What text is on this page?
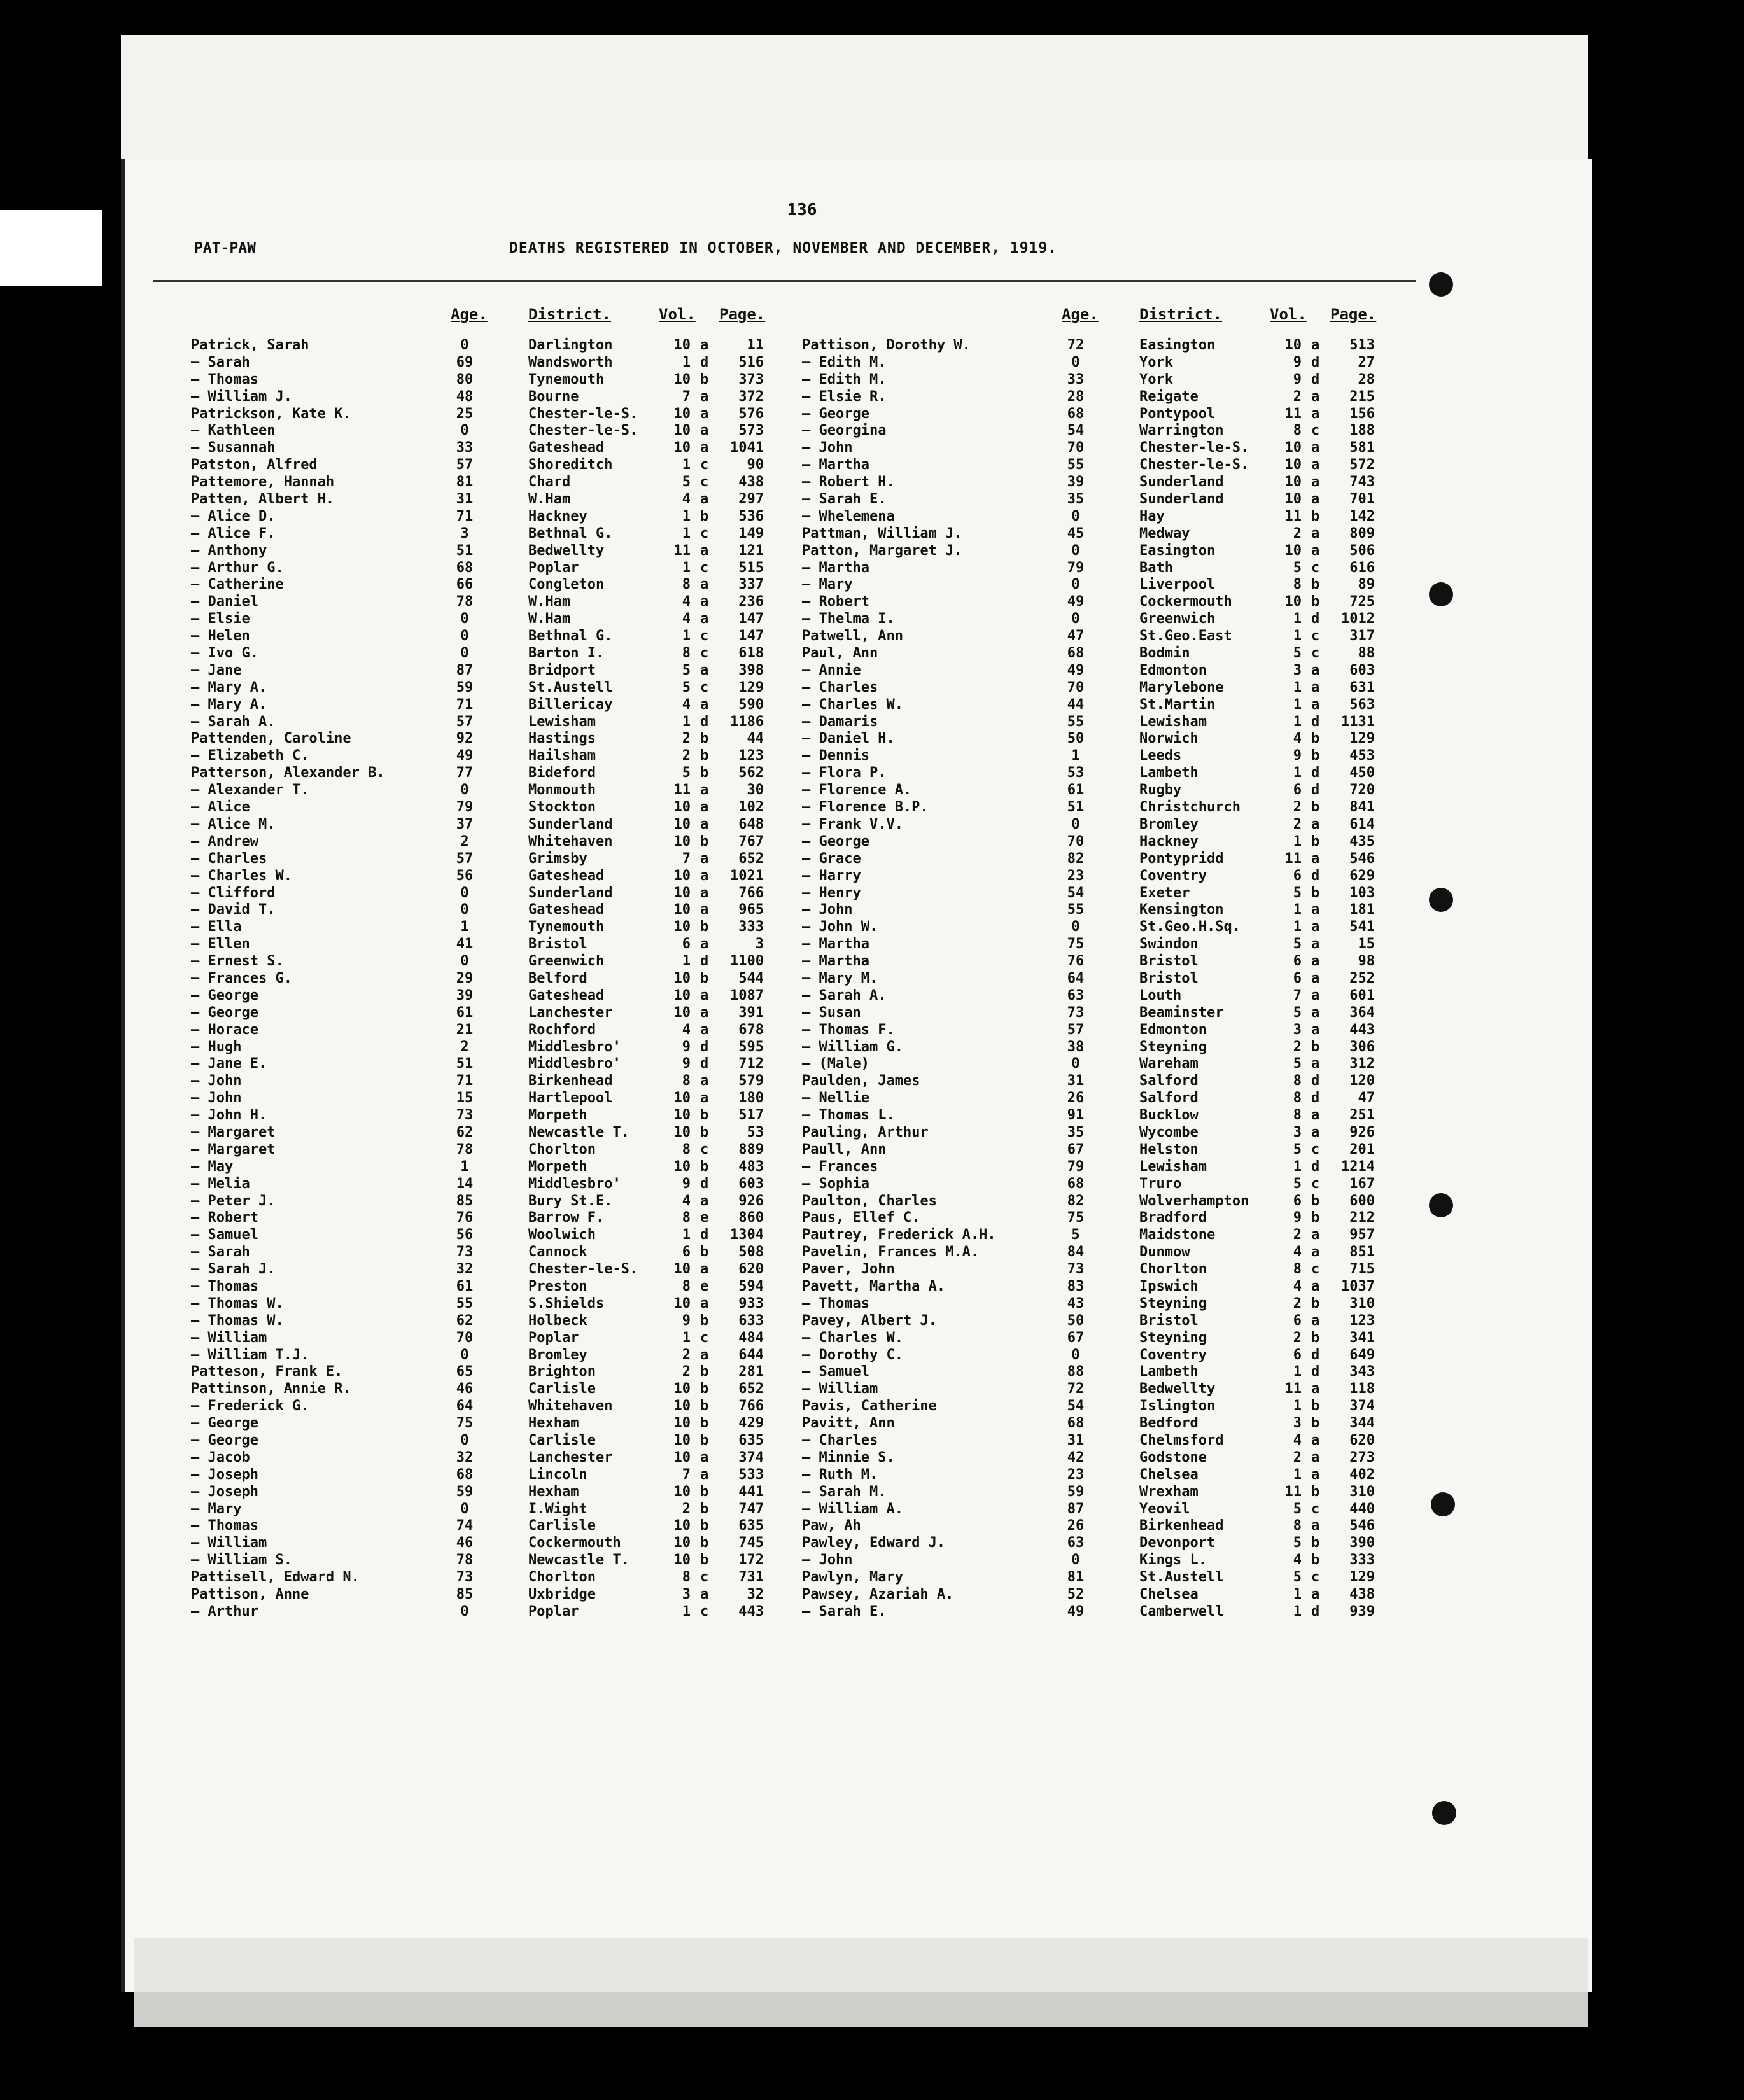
136
PAT-PAW	DEATHS REGISTERED IN OCTOBER, NOVEMBER AND DECEMBER, 1919.
Age.	District.	Vol. Page.
Patrick, Sarah	0	Darlington	10 a	11
— Sarah	69	Wandsworth	1 d	516
— Thomas	80	Tynemouth	10 b	373
— William J.	48	Bourne	7 a	372
Patrickson, Kate K.	25	Chester-le-S.	10 a	576
— Kathleen	0	Chester-le-S.	10 a	573
— Susannah	33	Gateshead	10 a	1041
Patston, Alfred	57	Shoreditch	1 c	90
Pattemore, Hannah	81	Chard	5 c	438
Patten, Albert H.	31	W.Ham	4 a	297
— Alice D.	71	Hackney	1 b	536
— Alice F.	3	Bethnal G.	1 c	149
— Anthony	51	Bedwellty	11 a	121
— Arthur G.	68	Poplar	1 c	515
— Catherine	66	Congleton	8 a	337
— Daniel	78	W.Ham	4 a	236
— Elsie	0	W.Ham	4 a	147
— Helen	0	Bethnal G.	1 c	147
— Ivo G.	0	Barton I.	8 c	618
— Jane	87	Bridport	5 a	398
— Mary A.	59	St.Austell	5 c	129
— Mary A.	71	Billericay	4 a	590
— Sarah A.	57	Lewisham	1 d	1186
Pattenden, Caroline	92	Hastings	2 b	44
— Elizabeth C.	49	Hailsham	2 b	123
Patterson, Alexander B.	77	Bideford	5 b	562
— Alexander T.	0	Monmouth	11 a	30
— Alice	79	Stockton	10 a	102
— Alice M.	37	Sunderland	10 a	648
— Andrew	2	Whitehaven	10 b	767
— Charles	57	Grimsby	7 a	652
— Charles W.	56	Gateshead	10 a	1021
— Clifford	0	Sunderland	10 a	766
— David T.	0	Gateshead	10 a	965
— Ella	1	Tynemouth	10 b	333
— Ellen	41	Bristol	6 a	3
— Ernest S.	0	Greenwich	1 d	1100
— Frances G.	29	Belford	10 b	544
— George	39	Gateshead	10 a	1087
— George	61	Lanchester	10 a	391
— Horace	21	Rochford	4 a	678
— Hugh	2	Middlesbro'	9 d	595
— Jane E.	51	Middlesbro'	9 d	712
— John	71	Birkenhead	8 a	579
— John	15	Hartlepool	10 a	180
— John H.	73	Morpeth	10 b	517
— Margaret	62	Newcastle T.	10 b	53
— Margaret	78	Chorlton	8 c	889
— May	1	Morpeth	10 b	483
— Melia	14	Middlesbro'	9 d	603
— Peter J.	85	Bury St.E.	4 a	926
— Robert	76	Barrow F.	8 e	860
— Samuel	56	Woolwich	1 d	1304
— Sarah	73	Cannock	6 b	508
— Sarah J.	32	Chester-le-S.	10 a	620
— Thomas	61	Preston	8 e	594
— Thomas W.	55	S.Shields	10 a	933
— Thomas W.	62	Holbeck	9 b	633
— William	70	Poplar	1 c	484
— William T.J.	0	Bromley	2 a	644
Patteson, Frank E.	65	Brighton	2 b	281
Pattinson, Annie R.	46	Carlisle	10 b	652
— Frederick G.	64	Whitehaven	10 b	766
— George	75	Hexham	10 b	429
— George	0	Carlisle	10 b	635
— Jacob	32	Lanchester	10 a	374
— Joseph	68	Lincoln	7 a	533
— Joseph	59	Hexham	10 b	441
— Mary	0	I.Wight	2 b	747
— Thomas	74	Carlisle	10 b	635
— William	46	Cockermouth	10 b	745
— William S.	78	Newcastle T.	10 b	172
Pattisell, Edward N.	73	Chorlton	8 c	731
Pattison, Anne	85	Uxbridge	3 a	32
— Arthur	0	Poplar	1 c	443
Age.	District.	Vol. Page.
Pattison, Dorothy W.	72	Easington	10 a	513
— Edith M.	0	York	9 d	27
— Edith M.	33	York	9 d	28
— Elsie R.	28	Reigate	2 a	215
— George	68	Pontypool	11 a	156
— Georgina	54	Warrington	8 c	188
— John	70	Chester-le-S.	10 a	581
— Martha	55	Chester-le-S.	10 a	572
— Robert H.	39	Sunderland	10 a	743
— Sarah E.	35	Sunderland	10 a	701
— Whelemena	0	Hay	11 b	142
Pattman, William J.	45	Medway	2 a	809
Patton, Margaret J.	0	Easington	10 a	506
— Martha	79	Bath	5 c	616
— Mary	0	Liverpool	8 b	89
— Robert	49	Cockermouth	10 b	725
— Thelma I.	0	Greenwich	1 d	1012
Patwell, Ann	47	St.Geo.East	1 c	317
Paul, Ann	68	Bodmin	5 c	88
— Annie	49	Edmonton	3 a	603
— Charles	70	Marylebone	1 a	631
— Charles W.	44	St.Martin	1 a	563
— Damaris	55	Lewisham	1 d	1131
— Daniel H.	50	Norwich	4 b	129
— Dennis	1	Leeds	9 b	453
— Flora P.	53	Lambeth	1 d	450
— Florence A.	61	Rugby	6 d	720
— Florence B.P.	51	Christchurch	2 b	841
— Frank V.V.	0	Bromley	2 a	614
— George	70	Hackney	1 b	435
— Grace	82	Pontypridd	11 a	546
— Harry	23	Coventry	6 d	629
— Henry	54	Exeter	5 b	103
— John	55	Kensington	1 a	181
— John W.	0	St.Geo.H.Sq.	1 a	541
— Martha	75	Swindon	5 a	15
— Martha	76	Bristol	6 a	98
— Mary M.	64	Bristol	6 a	252
— Sarah A.	63	Louth	7 a	601
— Susan	73	Beaminster	5 a	364
— Thomas F.	57	Edmonton	3 a	443
— William G.	38	Steyning	2 b	306
— (Male)	0	Wareham	5 a	312
Paulden, James	31	Salford	8 d	120
— Nellie	26	Salford	8 d	47
— Thomas L.	91	Bucklow	8 a	251
Pauling, Arthur	35	Wycombe	3 a	926
Paull, Ann	67	Helston	5 c	201
— Frances	79	Lewisham	1 d	1214
— Sophia	68	Truro	5 c	167
Paulton, Charles	82	Wolverhampton	6 b	600
Paus, Ellef C.	75	Bradford	9 b	212
Pautrey, Frederick A.H.	5	Maidstone	2 a	957
Pavelin, Frances M.A.	84	Dunmow	4 a	851
Paver, John	73	Chorlton	8 c	715
Pavett, Martha A.	83	Ipswich	4 a	1037
— Thomas	43	Steyning	2 b	310
Pavey, Albert J.	50	Bristol	6 a	123
— Charles W.	67	Steyning	2 b	341
— Dorothy C.	0	Coventry	6 d	649
— Samuel	88	Lambeth	1 d	343
— William	72	Bedwellty	11 a	118
Pavis, Catherine	54	Islington	1 b	374
Pavitt, Ann	68	Bedford	3 b	344
— Charles	31	Chelmsford	4 a	620
— Minnie S.	42	Godstone	2 a	273
— Ruth M.	23	Chelsea	1 a	402
— Sarah M.	59	Wrexham	11 b	310
— William A.	87	Yeovil	5 c	440
Paw, Ah	26	Birkenhead	8 a	546
Pawley, Edward J.	63	Devonport	5 b	390
— John	0	Kings L.	4 b	333
Pawlyn, Mary	81	St.Austell	5 c	129
Pawsey, Azariah A.	52	Chelsea	1 a	438
— Sarah E.	49	Camberwell	1 d	939
